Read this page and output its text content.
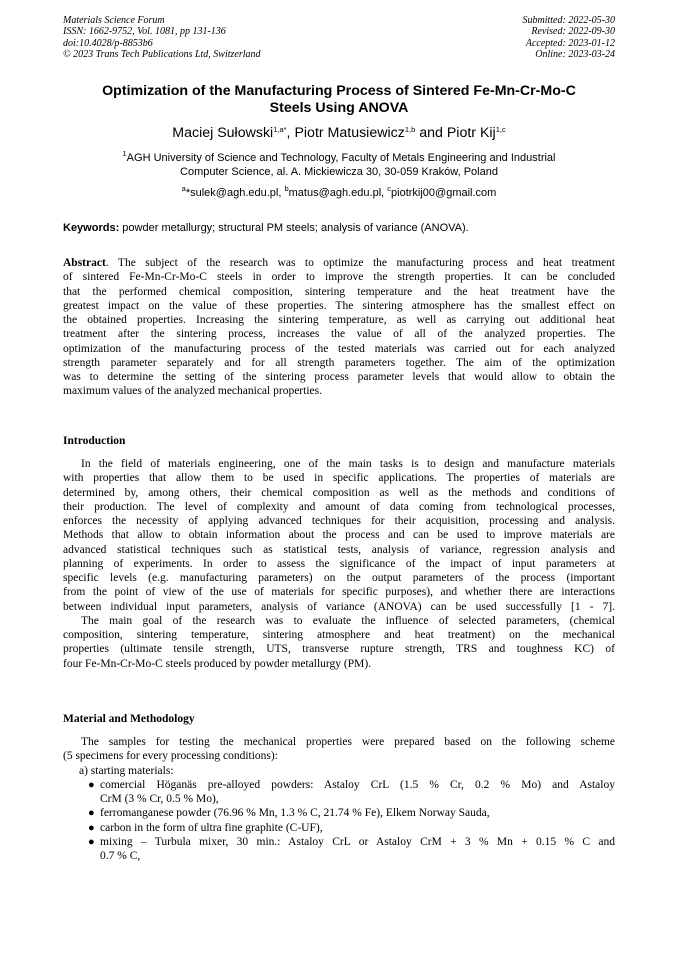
Materials Science Forum
ISSN: 1662-9752, Vol. 1081, pp 131-136
doi:10.4028/p-8853b6
© 2023 Trans Tech Publications Ltd, Switzerland
Submitted: 2022-05-30
Revised: 2022-09-30
Accepted: 2023-01-12
Online: 2023-03-24
Optimization of the Manufacturing Process of Sintered Fe-Mn-Cr-Mo-C
Steels Using ANOVA
Maciej Sułowski$^{1,a*}$, Piotr Matusiewicz$^{1,b}$ and Piotr Kij$^{1,c}$
$^1$AGH University of Science and Technology, Faculty of Metals Engineering and Industrial
Computer Science, al. A. Mickiewicza 30, 30-059 Kraków, Poland
$^a$*sulek@agh.edu.pl, $^b$matus@agh.edu.pl, $^c$piotrkij00@gmail.com
Keywords: powder metallurgy; structural PM steels; analysis of variance (ANOVA).
Abstract. The subject of the research was to optimize the manufacturing process and heat treatment
of sintered Fe-Mn-Cr-Mo-C steels in order to improve the strength properties. It can be concluded
that the performed chemical composition, sintering temperature and the heat treatment have the
greatest impact on the value of these properties. The sintering atmosphere has the smallest effect on
the obtained properties. Increasing the sintering temperature, as well as carrying out additional heat
treatment after the sintering process, increases the value of all of the analyzed properties. The
optimization of the manufacturing process of the tested materials was carried out for each analyzed
strength parameter separately and for all strength parameters together. The aim of the optimization
was to determine the setting of the sintering process parameter levels that would allow to obtain the
maximum values of the analyzed mechanical properties.
Introduction
In the field of materials engineering, one of the main tasks is to design and manufacture materials
with properties that allow them to be used in specific applications. The properties of materials are
determined by, among others, their chemical composition as well as the methods and conditions of
their production. The level of complexity and amount of data coming from technological processes,
enforces the necessity of applying advanced techniques for their acquisition, processing and analysis.
Methods that allow to obtain information about the process and can be used to improve materials are
advanced statistical techniques such as statistical tests, analysis of variance, regression analysis and
planning of experiments. In order to assess the significance of the impact of input parameters at
specific levels (e.g. manufacturing parameters) on the output parameters of the process (important
from the point of view of the use of materials for specific purposes), and whether there are interactions
between individual input parameters, analysis of variance (ANOVA) can be used successfully [1 - 7].
The main goal of the research was to evaluate the influence of selected parameters, (chemical
composition, sintering temperature, sintering atmosphere and heat treatment) on the mechanical
properties (ultimate tensile strength, UTS, transverse rupture strength, TRS and toughness KC) of
four Fe-Mn-Cr-Mo-C steels produced by powder metallurgy (PM).
Material and Methodology
The samples for testing the mechanical properties were prepared based on the following scheme
(5 specimens for every processing conditions):
a) starting materials:
● comercial Höganäs pre-alloyed powders: Astaloy CrL (1.5 % Cr, 0.2 % Mo) and Astaloy
CrM (3 % Cr, 0.5 % Mo),
● ferromanganese powder (76.96 % Mn, 1.3 % C, 21.74 % Fe), Elkem Norway Sauda,
● carbon in the form of ultra fine graphite (C-UF),
● mixing – Turbula mixer, 30 min.: Astaloy CrL or Astaloy CrM + 3 % Mn + 0.15 % C and
0.7 % C,
